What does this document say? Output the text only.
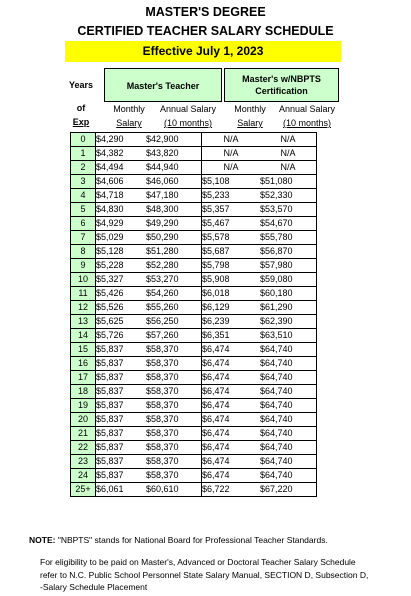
MASTER'S DEGREE
CERTIFIED TEACHER SALARY SCHEDULE
Effective July 1, 2023
Years
of
Exp
Master's Teacher
Master's w/NBPTS Certification
Monthly	Annual Salary	Monthly	Annual Salary
Salary	(10 months)	Salary	(10 months)
0	$4,290	$42,900	N/A	N/A
1	$4,382	$43,820	N/A	N/A
2	$4,494	$44,940	N/A	N/A
3	$4,606	$46,060	$5,108	$51,080
4	$4,718	$47,180	$5,233	$52,330
5	$4,830	$48,300	$5,357	$53,570
6	$4,929	$49,290	$5,467	$54,670
7	$5,029	$50,290	$5,578	$55,780
8	$5,128	$51,280	$5,687	$56,870
9	$5,228	$52,280	$5,798	$57,980
10	$5,327	$53,270	$5,908	$59,080
11	$5,426	$54,260	$6,018	$60,180
12	$5,526	$55,260	$6,129	$61,290
13	$5,625	$56,250	$6,239	$62,390
14	$5,726	$57,260	$6,351	$63,510
15	$5,837	$58,370	$6,474	$64,740
16	$5,837	$58,370	$6,474	$64,740
17	$5,837	$58,370	$6,474	$64,740
18	$5,837	$58,370	$6,474	$64,740
19	$5,837	$58,370	$6,474	$64,740
20	$5,837	$58,370	$6,474	$64,740
21	$5,837	$58,370	$6,474	$64,740
22	$5,837	$58,370	$6,474	$64,740
23	$5,837	$58,370	$6,474	$64,740
24	$5,837	$58,370	$6,474	$64,740
25+	$6,061	$60,610	$6,722	$67,220
NOTE: "NBPTS" stands for National Board for Professional Teacher Standards.
For eligibility to be paid on Master's, Advanced or Doctoral Teacher Salary Schedule
refer to N.C. Public School Personnel State Salary Manual, SECTION D, Subsection D,
-Salary Schedule Placement
